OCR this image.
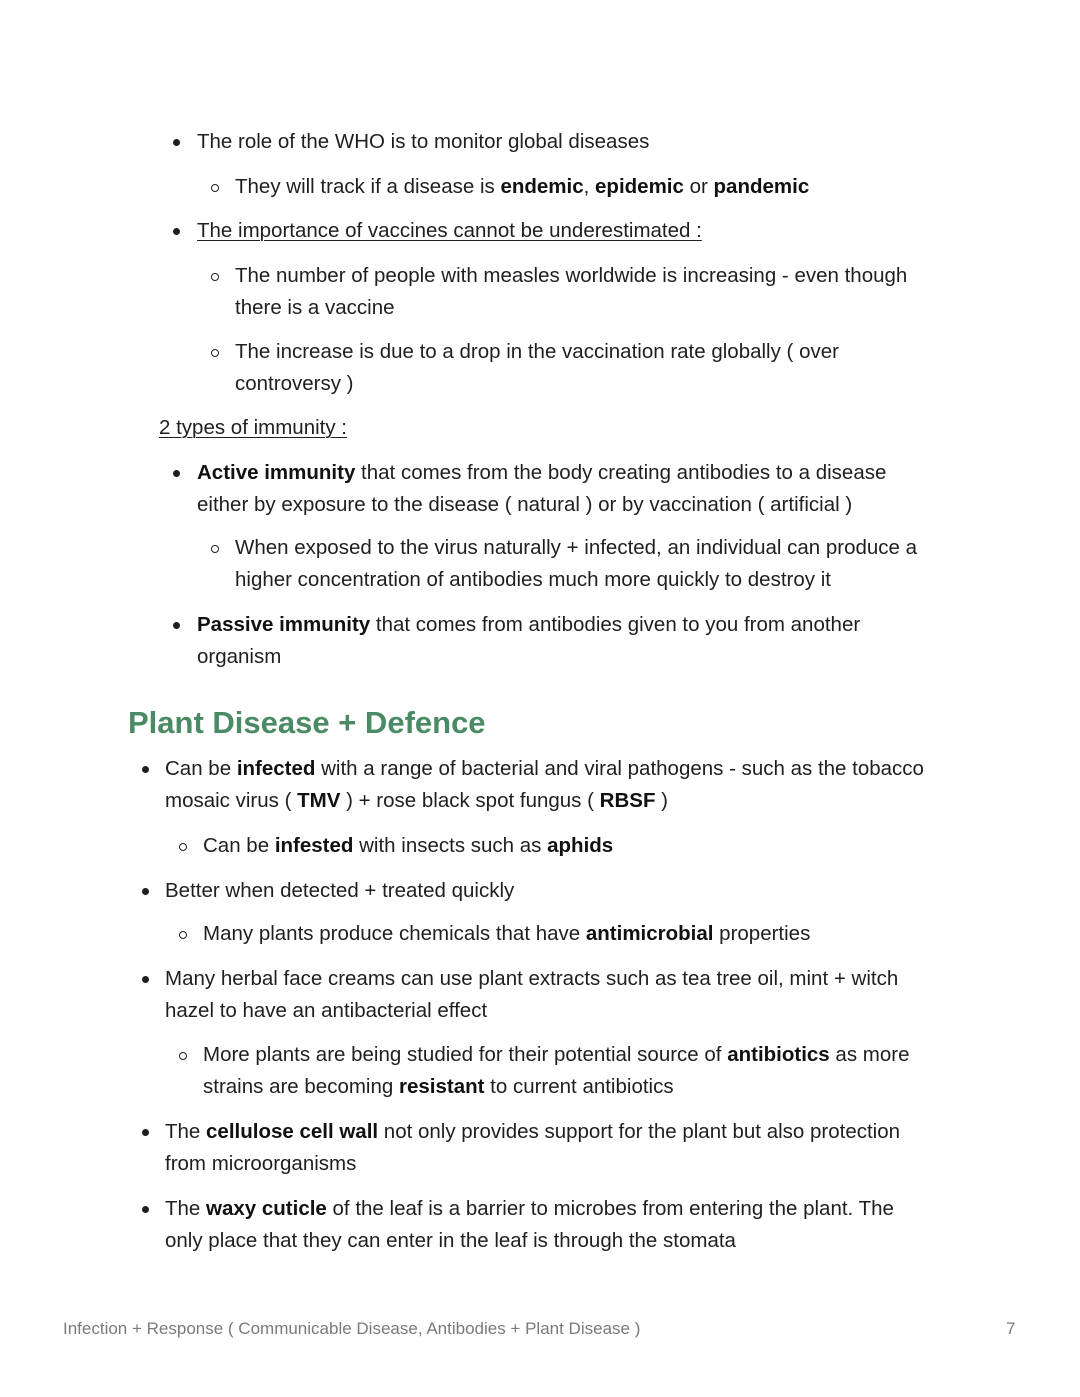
The role of the WHO is to monitor global diseases
They will track if a disease is endemic, epidemic or pandemic
The importance of vaccines cannot be underestimated :
The number of people with measles worldwide is increasing - even though
there is a vaccine
The increase is due to a drop in the vaccination rate globally ( over
controversy )
2 types of immunity :
Active immunity that comes from the body creating antibodies to a disease
either by exposure to the disease ( natural ) or by vaccination ( artificial )
When exposed to the virus naturally + infected, an individual can produce a
higher concentration of antibodies much more quickly to destroy it
Passive immunity that comes from antibodies given to you from another
organism
Plant Disease + Defence
Can be infected with a range of bacterial and viral pathogens - such as the tobacco
mosaic virus ( TMV ) + rose black spot fungus ( RBSF )
Can be infested with insects such as aphids
Better when detected + treated quickly
Many plants produce chemicals that have antimicrobial properties
Many herbal face creams can use plant extracts such as tea tree oil, mint + witch
hazel to have an antibacterial effect
More plants are being studied for their potential source of antibiotics as more
strains are becoming resistant to current antibiotics
The cellulose cell wall not only provides support for the plant but also protection
from microorganisms
The waxy cuticle of the leaf is a barrier to microbes from entering the plant. The
only place that they can enter in the leaf is through the stomata
Infection + Response ( Communicable Disease, Antibodies + Plant Disease )	7
